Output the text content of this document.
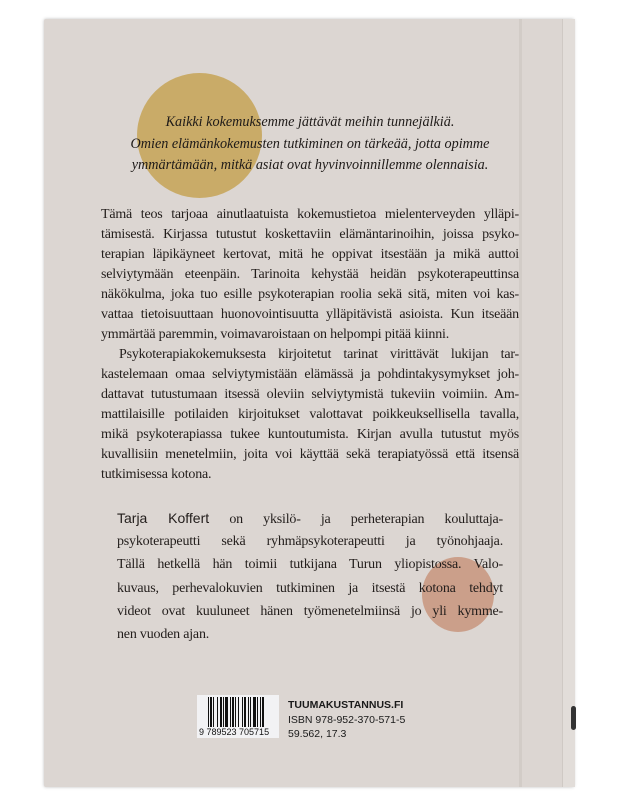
Kaikki kokemuksemme jättävät meihin tunnejälkiä.
Omien elämänkokemusten tutkiminen on tärkeää, jotta opimme
ymmärtämään, mitkä asiat ovat hyvinvoinnillemme olennaisia.
Tämä teos tarjoaa ainutlaatuista kokemustietoa mielenterveyden ylläpi-
tämisestä. Kirjassa tutustut koskettaviin elämäntarinoihin, joissa psyko-
terapian läpikäyneet kertovat, mitä he oppivat itsestään ja mikä auttoi
selviytymään eteenpäin. Tarinoita kehystää heidän psykoterapeuttinsa
näkökulma, joka tuo esille psykoterapian roolia sekä sitä, miten voi kas-
vattaa tietoisuuttaan huonovointisuutta ylläpitävistä asioista. Kun itseään
ymmärtää paremmin, voimavaroistaan on helpompi pitää kiinni.
Psykoterapiakokemuksesta kirjoitetut tarinat virittävät lukijan tar-
kastelemaan omaa selviytymistään elämässä ja pohdintakysymykset joh-
dattavat tutustumaan itsessä oleviin selviytymistä tukeviin voimiin. Am-
mattilaisille potilaiden kirjoitukset valottavat poikkeuksellisella tavalla,
mikä psykoterapiassa tukee kuntoutumista. Kirjan avulla tutustut myös
kuvallisiin menetelmiin, joita voi käyttää sekä terapiatyössä että itsensä
tutkimisessa kotona.
Tarja Koffert on yksilö- ja perheterapian kouluttaja-
psykoterapeutti sekä ryhmäpsykoterapeutti ja työnohjaaja.
Tällä hetkellä hän toimii tutkijana Turun yliopistossa. Valo-
kuvaus, perhevalokuvien tutkiminen ja itsestä kotona tehdyt
videot ovat kuuluneet hänen työmenetelmiinsä jo yli kymme-
nen vuoden ajan.
9 789523 705715
TUUMAKUSTANNUS.FI
ISBN 978-952-370-571-5
59.562, 17.3
